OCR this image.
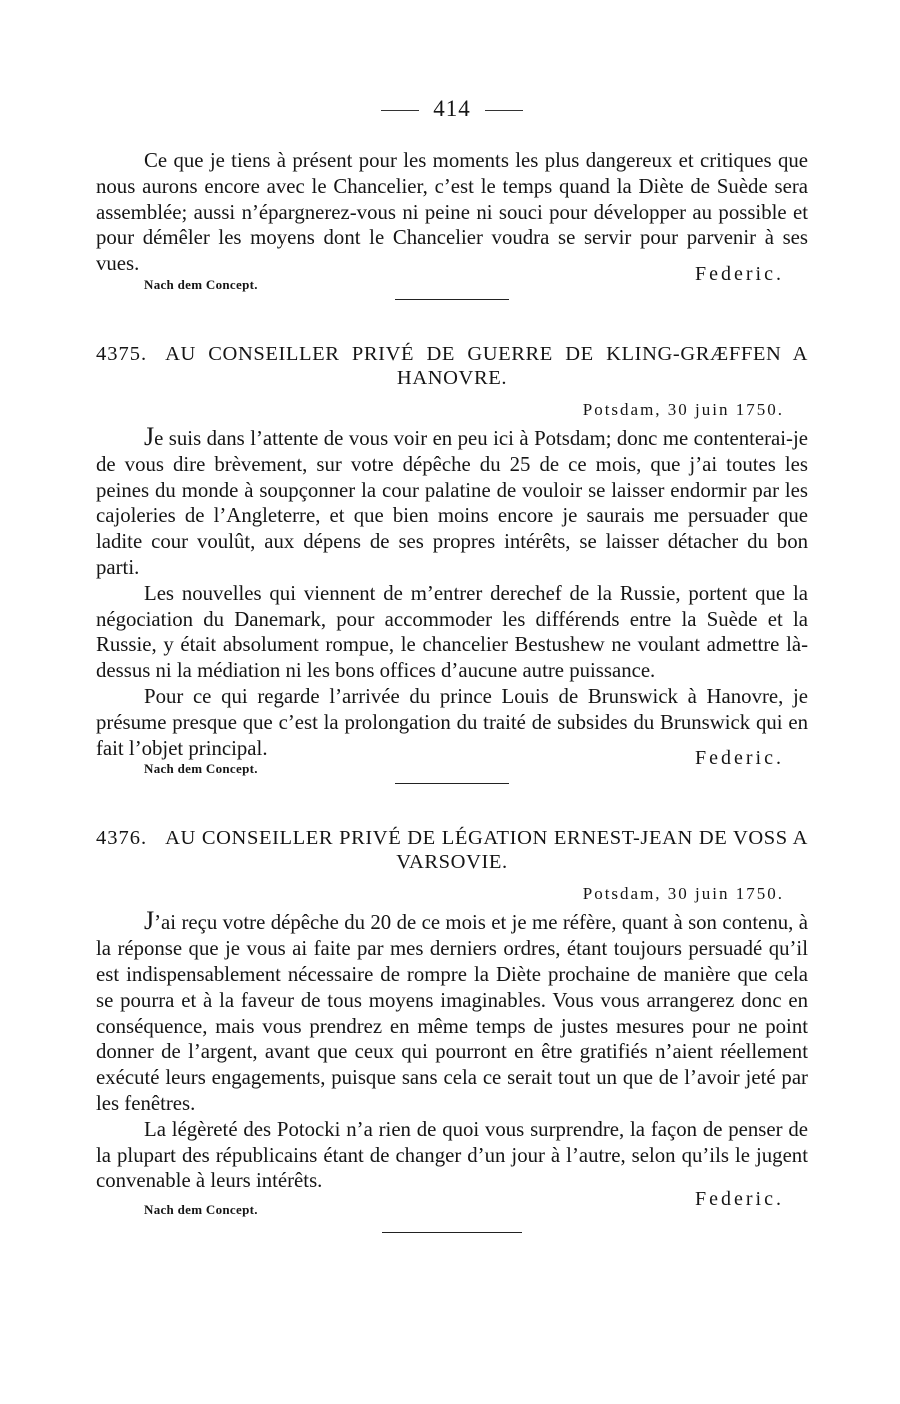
414

Ce que je tiens à présent pour les moments les plus dangereux et critiques que nous aurons encore avec le Chancelier, c’est le temps quand la Diète de Suède sera assemblée; aussi n’épargnerez-vous ni peine ni souci pour développer au possible et pour démêler les moyens dont le Chancelier voudra se servir pour parvenir à ses vues.

Nach dem Concept.	Federic.
4375. AU CONSEILLER PRIVÉ DE GUERRE DE KLING-GRÆFFEN A HANOVRE.
Potsdam, 30 juin 1750.

Je suis dans l’attente de vous voir en peu ici à Potsdam; donc me contenterai-je de vous dire brèvement, sur votre dépêche du 25 de ce mois, que j’ai toutes les peines du monde à soupçonner la cour palatine de vouloir se laisser endormir par les cajoleries de l’Angleterre, et que bien moins encore je saurais me persuader que ladite cour voulût, aux dépens de ses propres intérêts, se laisser détacher du bon parti.

Les nouvelles qui viennent de m’entrer derechef de la Russie, portent que la négociation du Danemark, pour accommoder les différends entre la Suède et la Russie, y était absolument rompue, le chancelier Bestushew ne voulant admettre là-dessus ni la médiation ni les bons offices d’aucune autre puissance.

Pour ce qui regarde l’arrivée du prince Louis de Brunswick à Hanovre, je présume presque que c’est la prolongation du traité de subsides du Brunswick qui en fait l’objet principal.

Nach dem Concept.	Federic.
4376. AU CONSEILLER PRIVÉ DE LÉGATION ERNEST-JEAN DE VOSS A VARSOVIE.
Potsdam, 30 juin 1750.

J’ai reçu votre dépêche du 20 de ce mois et je me réfère, quant à son contenu, à la réponse que je vous ai faite par mes derniers ordres, étant toujours persuadé qu’il est indispensablement nécessaire de rompre la Diète prochaine de manière que cela se pourra et à la faveur de tous moyens imaginables. Vous vous arrangerez donc en conséquence, mais vous prendrez en même temps de justes mesures pour ne point donner de l’argent, avant que ceux qui pourront en être gratifiés n’aient réellement exécuté leurs engagements, puisque sans cela ce serait tout un que de l’avoir jeté par les fenêtres.

La légèreté des Potocki n’a rien de quoi vous surprendre, la façon de penser de la plupart des républicains étant de changer d’un jour à l’autre, selon qu’ils le jugent convenable à leurs intérêts.

Nach dem Concept.	Federic.
